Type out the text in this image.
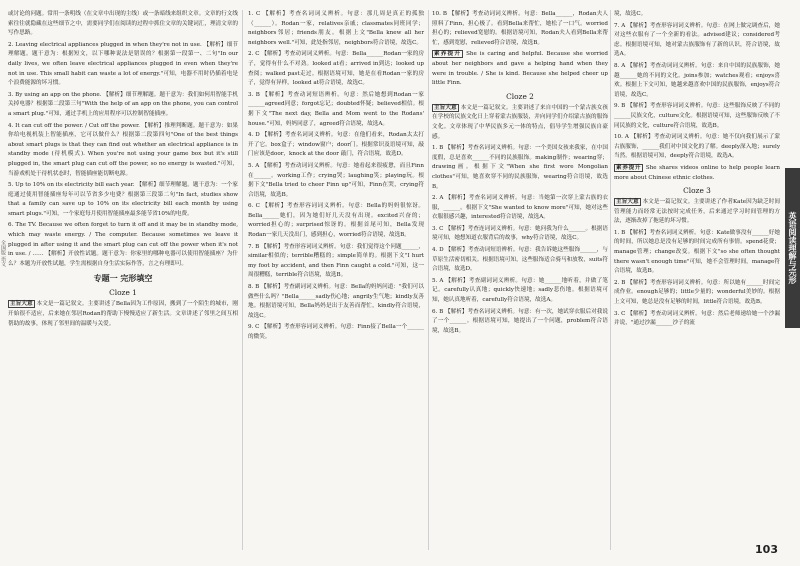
全国版 语文

或讨论的问题。常用一条明线（在文章中出现的主线）或一条暗线来组织文章。文章的行文线索往往就隐藏在这些细节之中，需要同学们在阅读的过程中抓住文章的关键词汇，理清文章的写作思路。

2. Leaving electrical appliances plugged in when they're not in use. 【解析】细节理解题。题干意为：根据短文，以下哪种说法是错误的？根据第一段第一、二句"In our daily lives, we often leave electrical appliances plugged in even when they're not in use. This small habit can waste a lot of energy."可知，电器不用时仍插着电是个浪费能源的坏习惯。

3. By using an app on the phone. 【解析】细节理解题。题干意为：我们如何用智能手机关掉电器？根据第二段第三句"With the help of an app on the phone, you can control a smart plug."可知，通过手机上的应用程序可以控制智能插座。

4. It can cut off the power. / Cut off the power. 【解析】推理判断题。题干意为：如果你给电视机装上智能插座，它可以做什么？根据第二段第四句"One of the best things about smart plugs is that they can find out whether an electrical appliance is in standby mode (待机模式). When you're not using your game box but it's still plugged in, the smart plug can cut off the power, so no energy is wasted."可知，当游戏机处于待机状态时，智能插座能切断电源。

5. Up to 10% on its electricity bill each year. 【解析】细节理解题。题干意为：一个家庭通过使用智能插座每年可以节省多少电费？根据第三段第二句"In fact, studies show that a family can save up to 10% on its electricity bill each month by using smart plugs."可知，一个家庭每月使用智能插座最多能节省10%的电费。

6. The TV. Because we often forget to turn it off and it may be in standby mode, which may waste energy. / The computer. Because sometimes we leave it plugged in after using it and the smart plug can cut off the power when it's not in use. / …… 【解析】开放性试题。题干意为：你家里的哪种电器可以使用智能插座？为什么？本题为开放性试题，学生需根据自身生活实际作答，言之有理即可。

专题一 完形填空
Cloze 1

主旨大意 本文是一篇记叙文。主要讲述了Bella因为工作原因，搬到了一个陌生的城市，刚开始很不适应，后来她在邻居Rodan的帮助下慢慢适应了新生活。文章讲述了邻里之间互相帮助的故事，体现了邻里间的温暖与关爱。

1. C 【解析】考查名词词义辨析。句意：那几周是真正的孤独（______）。Rodan一家，relatives亲戚；classmates同班同学；neighbors邻居；friends朋友。根据上文"Bella knew all her neighbors well."可知，此处指邻居，neighbors符合语境，故选C。

2. C 【解析】考查动词词义辨析。句意：Bella______Rodan一家的房子，觉得有什么不对劲。looked at看；arrived in到达；looked up查阅；walked past走过。根据语境可知，她是在看Rodan一家的房子，觉得有异样，looked at符合语境，故选C。

3. B 【解析】考查动词短语辨析。句意：然后她想到Rodan一家______agreed同意；forgot忘记；doubted怀疑；believed相信。根据下文"The next day, Bella and Mom went to the Rodans' house."可知，妈妈同意了，agreed符合语境，故选A。

4. D 【解析】考查名词词义辨析。句意：在他们看来，Rodan太太打开了它。box盒子；window窗户；door门。根据常识及语境可知，敲门应该是door，knock at the door 敲门，符合语境，故选D。

5. A 【解析】考查动词词义辨析。句意：她看起来很疲惫，而且Finn在______。working工作；crying哭；laughing笑；playing玩。根据下文"Bella tried to cheer Finn up"可知，Finn在哭，crying符合语境，故选B。

6. C 【解析】考查形容词词义辨析。句意：Bella的妈妈很惊讶。Bella______她们，因为她们好几天没有出现。excited兴奋的；worried担心的；surprised惊讶的。根据首尾可知，Bella发现Rodan一家几天没出门，感到担心，worried符合语境，故选B。

7. B 【解析】考查形容词词义辨析。句意：我们觉得这个问题______，similar相似的；terrible糟糕的；simple简单的。根据下文"I hurt my foot by accident, and then Finn caught a cold."可知，这一周很糟糕，terrible符合语境，故选B。

8. B 【解析】考查副词词义辨析。句意：Bella的妈妈问道："我们可以做些什么吗？"Bella______sadly伤心地；angrily生气地；kindly友善地。根据语境可知，Bella妈妈是出于友善而帮忙，kindly符合语境，故选C。

9. C 【解析】考查形容词词义辨析。句意：Finn接了Bella一个______的微笑。

10. B 【解析】考查动词词义辨析。句意：Bella______，Rodan夫人照料了Finn，担心极了。看到Bella来帮忙，她松了一口气。worried担心的；relieved宽慰的。根据语境可知，Rodan夫人看到Bella来帮忙，感到宽慰，relieved符合语境，故选B。

素养提升 She is caring and helpful. Because she worried about her neighbors and gave a helping hand when they were in trouble. / She is kind. Because she helped cheer up little Finn.

Cloze 2

主旨大意 本文是一篇记叙文。主要讲述了来自中国的一个蒙古族女孩在学校的民族文化日上穿着蒙古族服装，并向同学们介绍蒙古族的服饰文化。文章体现了中华民族多元一体的特点，倡导学生增强民族自豪感。

1. B 【解析】考查名词词义辨析。句意：一个美国女孩来我家，在中国度假，总是喜欢______不同的民族服饰。making制作；wearing穿；drawing画。根据下文"When she first wore Mongolian clothes"可知，她喜欢穿不同的民族服饰，wearing符合语境，故选B。

2. A 【解析】考查名词词义辨析。句意：当她第一次穿上蒙古族的衣服，______。根据下文"She wanted to know more"可知，她对这些衣服很感兴趣，interested符合语境，故选A。

3. C 【解析】考查连词词义辨析。句意：她问我为什么______。根据语境可知，她想知道衣服背后的故事，why符合语境，故选C。

4. D 【解析】考查动词短语辨析。句意：我告诉她这些服饰______，与草原生活密切相关。根据语境可知，这些服饰适合骑马和放牧，suits符合语境，故选D。

5. A 【解析】考查副词词义辨析。句意：她______地听着，并做了笔记。carefully认真地；quickly快速地；sadly悲伤地。根据语境可知，她认真地听着，carefully符合语境，故选A。

6. B 【解析】考查名词词义辨析。句意：有一次，她试穿衣服后对我说了一个______。根据语境可知，她提出了一个问题，problem符合语境，故选B。

境，故选C。

7. A 【解析】考查形容词词义辨析。句意：在网上做完调查后，她对这些衣服有了一个全新的看法。advised建议；considered考虑。根据语境可知，她对蒙古族服饰有了新的认识，符合语境，故选A。

8. A 【解析】考查动词词义辨析。句意：来自中国的民族服饰，她越______她的不同的文化。joins参加；watches观看；enjoys喜欢。根据上下文可知，她越来越喜欢中国的民族服饰，enjoys符合语境，故选C。

9. B 【解析】考查形容词词义辨析。句意：这些服饰反映了不同的______民族文化，culture文化。根据语境可知，这些服饰反映了不同民族的文化，culture符合语境，故选B。

10. A 【解析】考查动词词义辨析。句意：她不仅向我们展示了蒙古族服饰，______我们对中国文化的了解。deeply深入地；surely当然。根据语境可知，deeply符合语境，故选A。

素养提升 She shares videos online to help people learn more about Chinese ethnic clothes.

Cloze 3

主旨大意 本文是一篇记叙文。主要讲述了作者Kate因为缺乏时间管理能力而经常无法按时完成任务，后来通过学习时间管理的方法，逐渐改掉了拖延的坏习惯。

1. B 【解析】考查名词词义辨析。句意：Kate做事没有______好她的时间，所以她总是没有足够的时间完成所有事情。spend花费；manage管理；change改变。根据下文"so she often thought there wasn't enough time"可知，她不会管理时间，manage符合语境，故选B。

2. B 【解析】考查形容词词义辨析。句意：所以她有______时间完成作业。enough足够的；little少量的；wonderful美妙的。根据上文可知，她总是没有足够的时间，little符合语境，故选B。

3. C 【解析】考查动词词义辨析。句意：然后老师递给她一个沙漏并说，"通过沙漏______沙子的流

英语阅读理解与完形
103
